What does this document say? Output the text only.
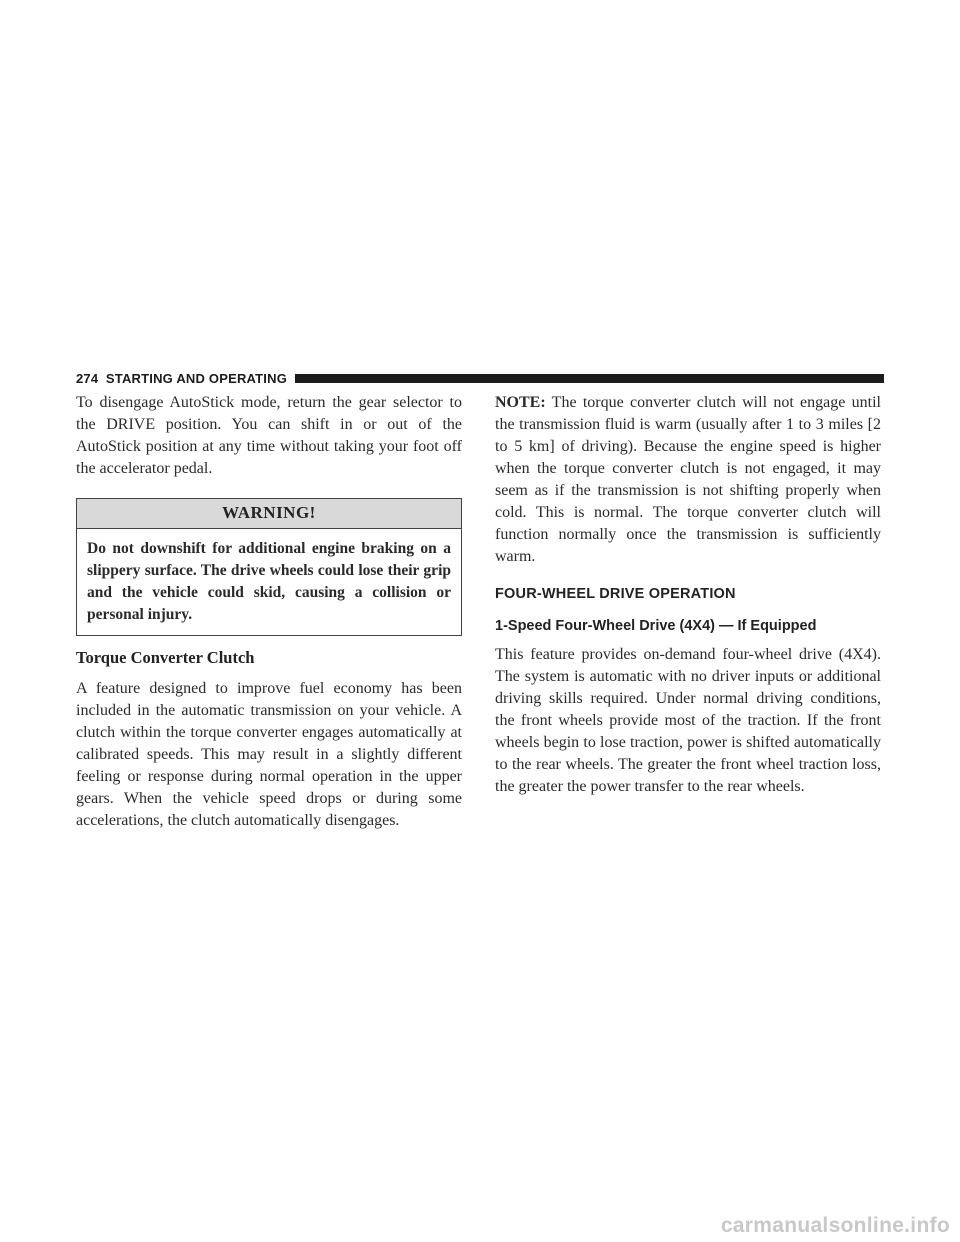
274 STARTING AND OPERATING

To disengage AutoStick mode, return the gear selector to the DRIVE position. You can shift in or out of the AutoStick position at any time without taking your foot off the accelerator pedal.

WARNING!
Do not downshift for additional engine braking on a slippery surface. The drive wheels could lose their grip and the vehicle could skid, causing a collision or personal injury.
Torque Converter Clutch

A feature designed to improve fuel economy has been included in the automatic transmission on your vehicle. A clutch within the torque converter engages automatically at calibrated speeds. This may result in a slightly different feeling or response during normal operation in the upper gears. When the vehicle speed drops or during some accelerations, the clutch automatically disengages.

NOTE: The torque converter clutch will not engage until the transmission fluid is warm (usually after 1 to 3 miles [2 to 5 km] of driving). Because the engine speed is higher when the torque converter clutch is not engaged, it may seem as if the transmission is not shifting properly when cold. This is normal. The torque converter clutch will function normally once the transmission is sufficiently warm.

FOUR-WHEEL DRIVE OPERATION
1-Speed Four-Wheel Drive (4X4) — If Equipped

This feature provides on-demand four-wheel drive (4X4). The system is automatic with no driver inputs or additional driving skills required. Under normal driving conditions, the front wheels provide most of the traction. If the front wheels begin to lose traction, power is shifted automatically to the rear wheels. The greater the front wheel traction loss, the greater the power transfer to the rear wheels.

carmanualsonline.info
